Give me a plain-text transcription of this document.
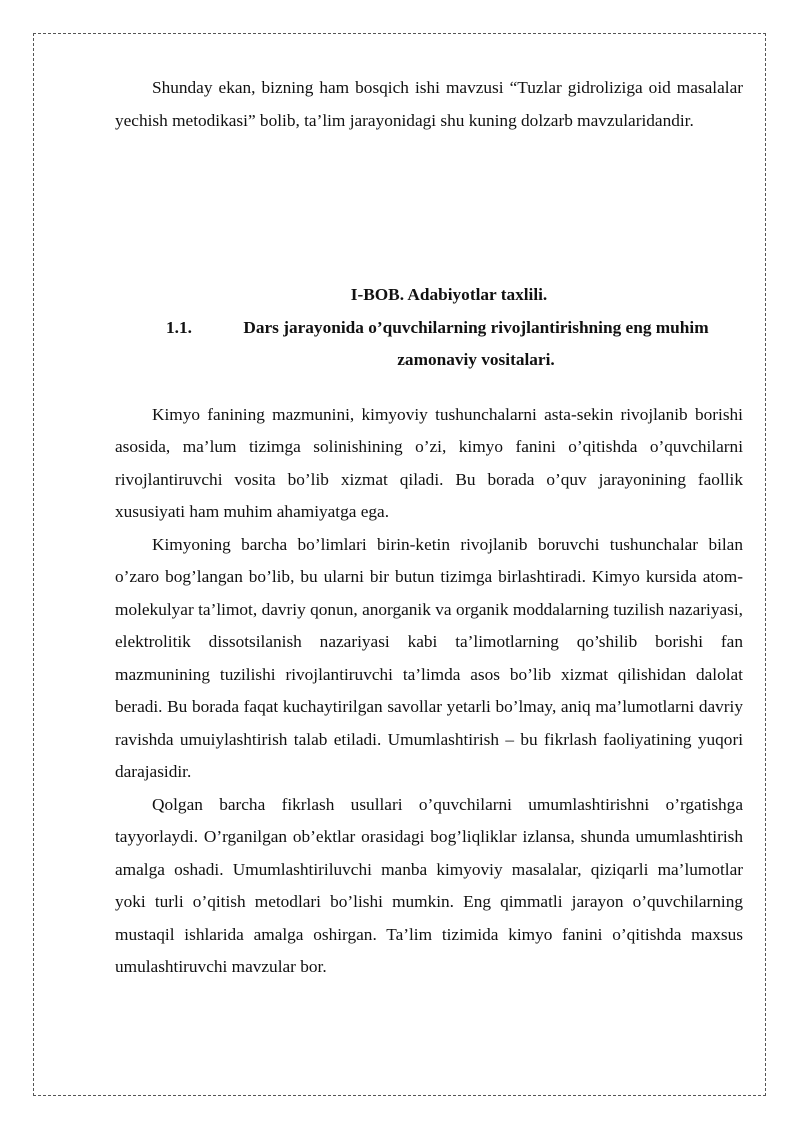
Shunday ekan, bizning ham bosqich ishi mavzusi “Tuzlar gidroliziga oid masalalar yechish metodikasi” bolib, ta’lim jarayonidagi shu kuning dolzarb mavzularidandir.

I-BOB. Adabiyotlar taxlili.

1.1.	Dars jarayonida o’quvchilarning rivojlantirishning eng muhim zamonaviy vositalari.

Kimyo fanining mazmunini, kimyoviy tushunchalarni asta-sekin rivojlanib borishi asosida, ma’lum tizimga solinishining o’zi, kimyo fanini o’qitishda o’quvchilarni rivojlantiruvchi vosita bo’lib xizmat qiladi. Bu borada o’quv jarayonining faollik xususiyati ham muhim ahamiyatga ega.

Kimyoning barcha bo’limlari birin-ketin rivojlanib boruvchi tushunchalar bilan o’zaro bog’langan bo’lib, bu ularni bir butun tizimga birlashtiradi. Kimyo kursida atom-molekulyar ta’limot, davriy qonun, anorganik va organik moddalarning tuzilish nazariyasi, elektrolitik dissotsilanish nazariyasi kabi ta’limotlarning qo’shilib borishi fan mazmunining tuzilishi rivojlantiruvchi ta’limda asos bo’lib xizmat qilishidan dalolat beradi. Bu borada faqat kuchaytirilgan savollar yetarli bo’lmay, aniq ma’lumotlarni davriy ravishda umuiylashtirish talab etiladi. Umumlashtirish – bu fikrlash faoliyatining yuqori darajasidir.

Qolgan barcha fikrlash usullari o’quvchilarni umumlashtirishni o’rgatishga tayyorlaydi. O’rganilgan ob’ektlar orasidagi bog’liqliklar izlansa, shunda umumlashtirish amalga oshadi. Umumlashtiriluvchi manba kimyoviy masalalar, qiziqarli ma’lumotlar yoki turli o’qitish metodlari bo’lishi mumkin. Eng qimmatli jarayon o’quvchilarning mustaqil ishlarida amalga oshirgan. Ta’lim tizimida kimyo fanini o’qitishda maxsus umulashtiruvchi mavzular bor.
